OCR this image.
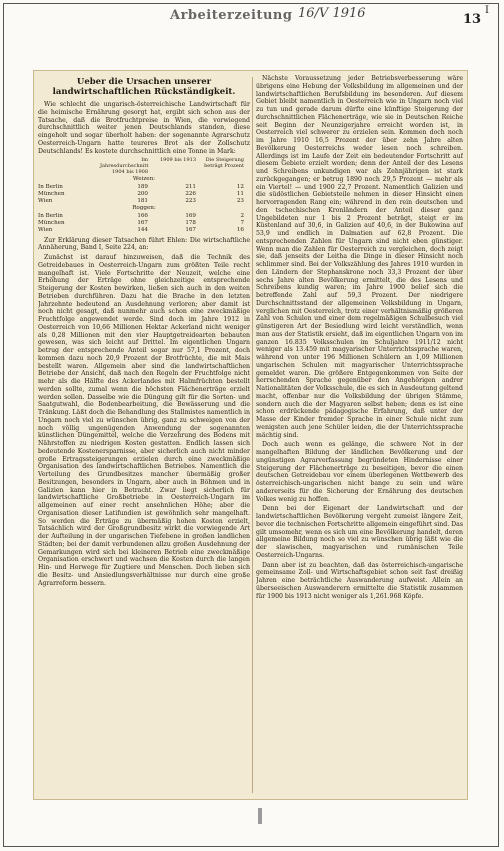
I
Arbeiterzeitung 16/V 1916	13
Ueber die Ursachen unserer landwirtschaftlichen Rückständigkeit.

Wie schlecht die ungarisch-österreichische Landwirtschaft für die heimische Ernährung gesorgt hat, ergibt sich schon aus der Tatsache, daß die Brotfruchtpreise in Wien, die vorwiegend durchschnittlich weiter jenen Deutschlands standen, diese eingeholt und sogar überholt haben: der sogenannte Agrarschutz Oesterreich-Ungarn hatte teureres Brot als der Zollschutz Deutschlands! Es kostete durchschnittlich eine Tonne in Mark:

Im Jahresdurchschnitt 1904 bis 1908
1909 bis 1913	Die Steigerung beträgt Prozent
Weizen:
In Berlin	189	211	12
München	200	226	11
Wien	181	223	23
Roggen:
In Berlin	166	169	2
München	167	178	7
Wien	144	167	16

Zur Erklärung dieser Tatsachen führt Ehlen: Die wirtschaftliche Annäherung, Band I, Seite 224, an:

Zunächst ist darauf hinzuweisen, daß die Technik des Getreidebaues in Oesterreich-Ungarn zum größten Teile recht mangelhaft ist. Viele Fortschritte der Neuzeit, welche eine Erhöhung der Erträge ohne gleichzeitige entsprechende Steigerung der Kosten bewirken, ließen sich auch in den weiten Betrieben durchführen. Dazu hat die Brache in den letzten Jahrzehnte bedeutend an Ausdehnung verloren; aber damit ist noch nicht gesagt, daß nunmehr auch schon eine zweckmäßige Fruchtfolge angewendet werde. Sind doch im Jahre 1912 in Oesterreich von 10,66 Millionen Hektar Ackerland nicht weniger als 0,28 Millionen mit den vier Hauptgetreidearten bebauten gewesen, was sich leicht auf Drittel. Im eigentlichen Ungarn betrug der entsprechende Anteil sogar nur 57,1 Prozent, doch kommen dazu noch 20,9 Prozent der Brotfrüchte, die mit Mais bestellt waren. Allgemein aber sind die landwirtschaftlichen Betriebe der Ansicht, daß nach den Regeln der Fruchtfolge nicht mehr als die Hälfte des Ackerlandes mit Halmfrüchten bestellt werden sollte, zumal wenn die höchsten Flächenerträge erzielt werden sollen. Dasselbe wie die Düngung gilt für die Sorten- und Saatgutwahl, die Bodenbearbeitung, die Bewässerung und die Tränkung. Läßt doch die Behandlung des Stallmistes namentlich in Ungarn noch viel zu wünschen übrig, ganz zu schweigen von der noch völlig ungenügenden Anwendung der sogenannten künstlichen Düngemittel, welche die Verzehrung des Bodens mit Nährstoffen zu niedrigen Kosten gestatten. Endlich lassen sich bedeutende Kostenersparnisse, aber sicherlich auch nicht minder große Ertragssteigerungen erzielen durch eine zweckmäßige Organisation des landwirtschaftlichen Betriebes. Namentlich die Verteilung des Grundbesitzes mancher übermäßig großer Besitzungen, besonders in Ungarn, aber auch in Böhmen und in Galizien kann hier in Betracht. Zwar liegt sicherlich für landwirtschaftliche Großbetriebe in Oesterreich-Ungarn im allgemeinen auf einer recht ansehnlichen Höhe; aber die Organisation dieser Latifundien ist gewöhnlich sehr mangelhaft. So werden die Erträge zu übermäßig hohen Kosten erzielt, Tatsächlich wird der Großgrundbesitz wirkt die vorwiegende Art der Aufteilung in der ungarischen Tiefebene in großen landlichen Städten; bei der damit verbundenen allzu großen Ausdehnung der Gemarkungen wird sich bei kleineren Betrieb eine zweckmäßige Organisation erschwert und wachsen die Kosten durch die langen Hin- und Herwege für Zugtiere und Menschen. Doch lieben sich die Besitz- und Ansiedlungsverhältnisse nur durch eine große Agrarreform bessern.

Nächste Voraussetzung jeder Betriebsverbesserung wäre übrigens eine Hebung der Volksbildung im allgemeinen und der landwirtschaftlichen Berufsbildung im besonderen. Auf diesem Gebiet bleibt namentlich in Oesterreich wie in Ungarn noch viel zu tun und gerade darum dürfte eine künftige Steigerung der durchschnittlichen Flächenerträge, wie sie in Deutschen Reiche seit Beginn der Neunzigerjahre erreicht worden ist, in Oesterreich viel schwerer zu erzielen sein. Kommen doch noch im Jahre 1910 16,5 Prozent der über zehn Jahre alten Bevölkerung Oesterreichs weder lesen noch schreiben. Allerdings ist im Laufe der Zeit ein bedeutender Fortschritt auf diesem Gebiete erzielt worden; denn der Anteil der des Lesens und Schreibens unkundigen war als Zehnjährigen ist stark zurückgegangen; er betrug 1890 noch 29,5 Prozent — mehr als ein Viertel! — und 1900 22,7 Prozent. Namentlich Galizien und die südöstlichen Gebietsteile nehmen in dieser Hinsicht einen hervorragenden Rang ein; während in den rein deutschen und den tschechischen Kronländern der Anteil dieser ganz Ungebildeten nur 1 bis 2 Prozent beträgt, steigt er im Küstenland auf 30,6, in Galizien auf 40,6, in der Bukowina auf 53,9 und endlich in Dalmatien auf 62,8 Prozent. Die entsprechenden Zahlen für Ungarn sind nicht eben günstiger. Wenn man die Zahlen für Oesterreich zu vergleichen, doch zeigt sie, daß jenseits der Leitha die Dinge in dieser Hinsicht noch schlimmer sind. Bei der Volkszählung des Jahres 1910 wurden in den Ländern der Stephanskrone noch 33,3 Prozent der über sechs Jahre alten Bevölkerung ermittelt, die des Lesens und Schreibens kundig waren; im Jahre 1900 belief sich die betreffende Zahl auf 59,3 Prozent. Der niedrigere Durchschnittsstand der allgemeinen Volksbildung in Ungarn, verglichen mit Oesterreich, trotz einer verhältnismäßig größeren Zahl von Schulen und einer dem regelmäßigen Schulbesuch viel günstigeren Art der Besiedlung wird leicht verständlich, wenn man aus der Statistik ersieht, daß im eigentlichen Ungarn von im ganzen 16.835 Volksschulen im Schuljahre 1911/12 nicht weniger als 13.459 mit magyarischer Unterrichtssprache waren, während von unter 196 Millionen Schülern an 1,09 Millionen ungarischen Schulen mit magyarischer Unterrichtssprache gemeldet waren. Die größere Entgegenkommen von Seite der herrschenden Sprache gegenüber den Angehörigen andrer Nationalitäten der Volksschule, die es sich in Ausdeutung geltend macht, offenbar nur die Volksbildung der übrigen Stämme, sondern auch die der Magyaren selbst heben; denn es ist eine schon erdrückende pädagogische Erfahrung, daß unter der Masse der Kinder fremder Sprache in einer Schule nicht zum wenigsten auch jene Schüler leiden, die der Unterrichtssprache mächtig sind.

Doch auch wenn es gelänge, die schwere Not in der mangelhaften Bildung der ländlichen Bevölkerung und der ungünstigen Agrarverfassung begründeten Hindernisse einer Steigerung der Flächenerträge zu beseitigen, bevor die einen deutschen Getreidebau vor einem überlegenen Wettbewerb des österreichisch-ungarischen nicht bange zu sein und wäre andererseits für die Sicherung der Ernährung des deutschen Volkes wenig zu hoffen.

Denn bei der Eigenart der Landwirtschaft und der landwirtschaftlichen Bevölkerung vergeht zumeist längere Zeit, bevor die technischen Fortschritte allgemein eingeführt sind. Das gilt umsomehr, wenn es sich um eine Bevölkerung handelt, deren allgemeine Bildung noch so viel zu wünschen übrig läßt wie die der slawischen, magyarischen und rumänischen Teile Oesterreich-Ungarns.

Dann aber ist zu beachten, daß das österreichisch-ungarische gemeinsame Zoll- und Wirtschaftsgebiet schon seit fast dreißig Jahren eine beträchtliche Auswanderung aufweist. Allein an überseeischen Auswanderern ermittelte die Statistik zusammen für 1900 bis 1913 nicht weniger als 1,261.968 Köpfe.
